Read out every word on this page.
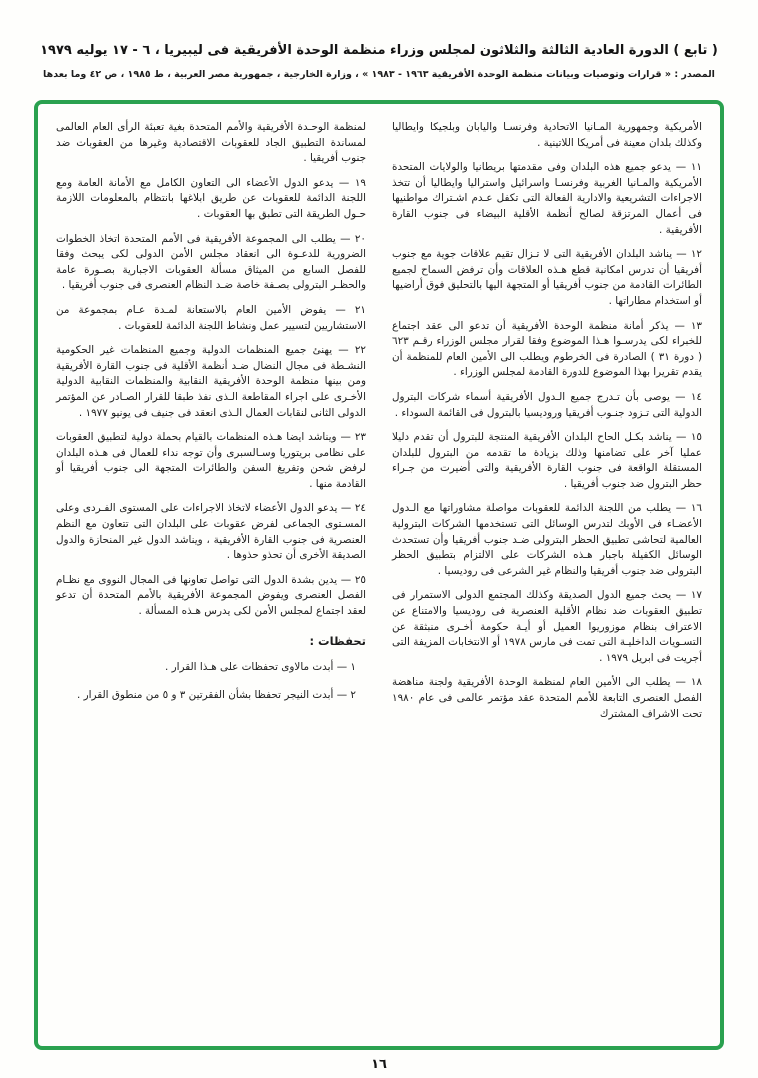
( تابع ) الدورة العادية الثالثة والثلاثون لمجلس وزراء منظمة الوحدة الأفريقية فى ليبيريا ، ٦ - ١٧ يوليه ١٩٧٩
المصدر : « قرارات وتوصيات وبيانات منظمة الوحدة الأفريقية ١٩٦٣ - ١٩٨٣ » ، وزارة الخارجية ، جمهورية مصر العربية ، ط ١٩٨٥ ، ص ٤٢ وما بعدها

الأمريكية وجمهورية المـانيا الاتحادية وفرنسـا واليابان وبلجيكا وايطاليا وكذلك بلدان معينة فى أمريكا اللاتينية .

١١ — يدعو جميع هذه البلدان وفى مقدمتها بريطانيا والولايات المتحدة الأمريكية والمـانيا الغربية وفرنسـا واسرائيل واستراليا وايطاليا أن تتخذ الاجراءات التشريعية والادارية الفعالة التى تكفل عـدم اشـتراك مواطنيها فى أعمال المرتزقة لصالح أنظمة الأقلية البيضاء فى جنوب القارة الأفريقية .

١٢ — يناشد البلدان الأفريقية التى لا تـزال تقيم علاقات جوية مع جنوب أفريقيا أن تدرس امكانية قطع هـذه العلاقات وأن ترفض السماح لجميع الطائرات القادمة من جنوب أفريقيا أو المتجهة اليها بالتحليق فوق أراضيها أو استخدام مطاراتها .

١٣ — يذكر أمانة منظمة الوحدة الأفريقية أن تدعو الى عقد اجتماع للخبراء لكى يدرسـوا هـذا الموضوع وفقا لقرار مجلس الوزراء رقـم ٦٢٣ ( دورة ٣١ ) الصادرة فى الخرطوم ويطلب الى الأمين العام للمنظمة أن يقدم تقريرا بهذا الموضوع للدورة القادمة لمجلس الوزراء .

١٤ — يوصى بأن تـدرج جميع الـدول الأفريقية أسماء شركات البترول الدولية التى تـزود جنـوب أفريقيا وروديسيا بالبترول فى القائمة السوداء .

١٥ — يناشد بكـل الحاح البلدان الأفريقية المنتجة للبترول أن تقدم دليلا عمليا آخر على تضامنها وذلك بزيادة ما تقدمه من البترول للبلدان المستقلة الواقعة فى جنوب القارة الأفريقية والتى أضيرت من جـراء حظر البترول ضد جنوب أفريقيا .

١٦ — يطلب من اللجنة الدائمة للعقوبات مواصلة مشاوراتها مع الـدول الأعضـاء فى الأوبك لتدرس الوسائل التى تستخدمها الشركات البترولية العالمية لتحاشى تطبيق الحظر البترولى ضـد جنوب أفريقيا وأن تستحدث الوسائل الكفيلة باجبار هـذه الشركات على الالتزام بتطبيق الحظر البترولى ضد جنوب أفريقيا والنظام غير الشرعى فى روديسيا .

١٧ — يحث جميع الدول الصديقة وكذلك المجتمع الدولى الاستمرار فى تطبيق العقوبات ضد نظام الأقلية العنصرية فى روديسيا والامتناع عن الاعتراف بنظام موزوريوا العميل أو أيـة حكومة أخـرى منبثقة عن التسـويات الداخليـة التى تمت فى مارس ١٩٧٨ أو الانتخابات المزيفة التى أجريت فى ابريل ١٩٧٩ .

١٨ — يطلب الى الأمين العام لمنظمة الوحدة الأفريقية ولجنة مناهضة الفصل العنصرى التابعة للأمم المتحدة عقد مؤتمر عالمى فى عام ١٩٨٠ تحت الاشراف المشترك

لمنظمة الوحـدة الأفريقية والأمم المتحدة بغية تعبئة الرأى العام العالمى لمساندة التطبيق الجاد للعقوبات الاقتصادية وغيرها من العقوبات ضد جنوب أفريقيا .

١٩ — يدعو الدول الأعضاء الى التعاون الكامل مع الأمانة العامة ومع اللجنة الدائمة للعقوبات عن طريق ابلاغها بانتظام بالمعلومات اللازمة حـول الطريقة التى تطبق بها العقوبات .

٢٠ — يطلب الى المجموعة الأفريقية فى الأمم المتحدة اتخاذ الخطوات الضرورية للدعـوة الى انعقاد مجلس الأمن الدولى لكى يبحث وفقا للفصل السابع من الميثاق مسألة العقوبات الاجبارية بصـورة عامة والحظـر البترولى بصـفة خاصة ضـد النظام العنصرى فى جنوب أفريقيا .

٢١ — يفوض الأمين العام بالاستعانة لمـدة عـام بمجموعة من الاستشاريين لتسيير عمل ونشاط اللجنة الدائمة للعقوبات .

٢٢ — يهنئ جميع المنظمات الدولية وجميع المنظمات غير الحكومية النشـطة فى مجال النضال ضـد أنظمة الأقلية فى جنوب القارة الأفريقية ومن بينها منظمة الوحدة الأفريقية النقابية والمنظمات النقابية الدولية الأخـرى على اجراء المقاطعة الـذى نفذ طبقا للقرار الصـادر عن المؤتمر الدولى الثانى لنقابات العمال الـذى انعقد فى جنيف فى يونيو ١٩٧٧ .

٢٣ — ويناشد ايضا هـذه المنظمات بالقيام بحملة دولية لتطبيق العقوبات على نظامى بريتوريا وسـالسبرى وأن توجه نداء للعمال فى هـذه البلدان لرفض شحن وتفريغ السفن والطائرات المتجهة الى جنوب أفريقيا أو القادمة منها .

٢٤ — يدعو الدول الأعضاء لاتخاذ الاجراءات على المستوى الفـردى وعلى المسـتوى الجماعى لفرض عقوبات على البلدان التى تتعاون مع النظم العنصرية فى جنوب القارة الأفريقية ، ويناشد الدول غير المنحازة والدول الصديقة الأخرى أن تحذو حذوها .

٢٥ — يدين بشدة الدول التى تواصل تعاونها فى المجال النووى مع نظـام الفصل العنصرى ويفوض المجموعة الأفريقية بالأمم المتحدة أن تدعو لعقد اجتماع لمجلس الأمن لكى يدرس هـذه المسألة .

تحفظات :

١ — أبدت مالاوى تحفظات على هـذا القرار .

٢ — أبدت النيجر تحفظا بشأن الفقرتين ٣ و ٥ من منطوق القرار .

١٦
